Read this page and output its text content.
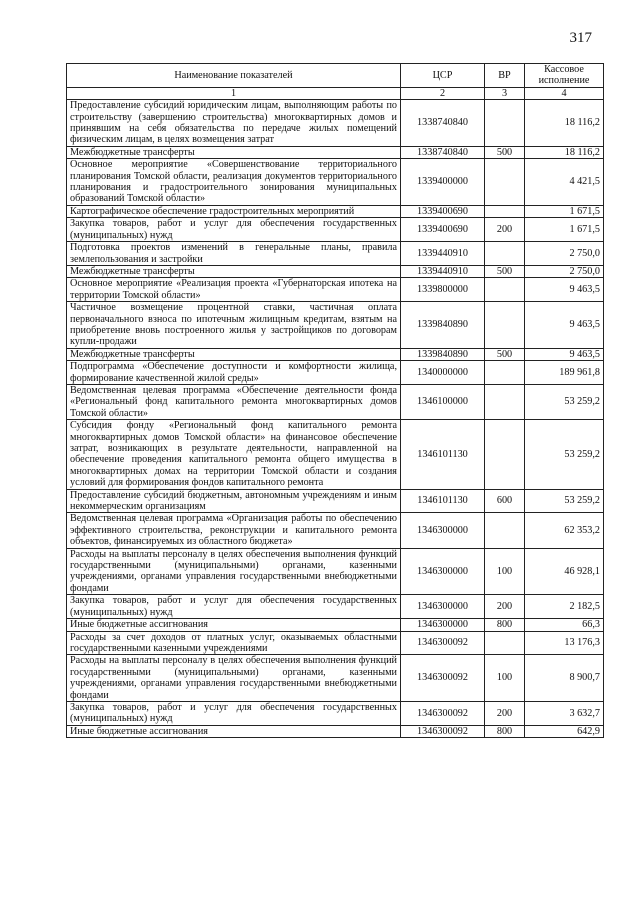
317
Наименование показателей	ЦСР	ВР	Кассовое исполнение
1	2	3	4
Предоставление субсидий юридическим лицам, выполняющим работы по строительству (завершению строительства) многоквартирных домов и принявшим на себя обязательства по передаче жилых помещений физическим лицам, в целях возмещения затрат	1338740840		18 116,2
Межбюджетные трансферты	1338740840	500	18 116,2
Основное мероприятие «Совершенствование территориального планирования Томской области, реализация документов территориального планирования и градостроительного зонирования муниципальных образований Томской области»	1339400000		4 421,5
Картографическое обеспечение градостроительных мероприятий	1339400690		1 671,5
Закупка товаров, работ и услуг для обеспечения государственных (муниципальных) нужд	1339400690	200	1 671,5
Подготовка проектов изменений в генеральные планы, правила землепользования и застройки	1339440910		2 750,0
Межбюджетные трансферты	1339440910	500	2 750,0
Основное мероприятие «Реализация проекта «Губернаторская ипотека на территории Томской области»	1339800000		9 463,5
Частичное возмещение процентной ставки, частичная оплата первоначального взноса по ипотечным жилищным кредитам, взятым на приобретение вновь построенного жилья у застройщиков по договорам купли-продажи	1339840890		9 463,5
Межбюджетные трансферты	1339840890	500	9 463,5
Подпрограмма «Обеспечение доступности и комфортности жилища, формирование качественной жилой среды»	1340000000		189 961,8
Ведомственная целевая программа «Обеспечение деятельности фонда «Региональный фонд капитального ремонта многоквартирных домов Томской области»	1346100000		53 259,2
Субсидия фонду «Региональный фонд капитального ремонта многоквартирных домов Томской области» на финансовое обеспечение затрат, возникающих в результате деятельности, направленной на обеспечение проведения капитального ремонта общего имущества в многоквартирных домах на территории Томской области и создания условий для формирования фондов капитального ремонта	1346101130		53 259,2
Предоставление субсидий бюджетным, автономным учреждениям и иным некоммерческим организациям	1346101130	600	53 259,2
Ведомственная целевая программа «Организация работы по обеспечению эффективного строительства, реконструкции и капитального ремонта объектов, финансируемых из областного бюджета»	1346300000		62 353,2
Расходы на выплаты персоналу в целях обеспечения выполнения функций государственными (муниципальными) органами, казенными учреждениями, органами управления государственными внебюджетными фондами	1346300000	100	46 928,1
Закупка товаров, работ и услуг для обеспечения государственных (муниципальных) нужд	1346300000	200	2 182,5
Иные бюджетные ассигнования	1346300000	800	66,3
Расходы за счет доходов от платных услуг, оказываемых областными государственными казенными учреждениями	1346300092		13 176,3
Расходы на выплаты персоналу в целях обеспечения выполнения функций государственными (муниципальными) органами, казенными учреждениями, органами управления государственными внебюджетными фондами	1346300092	100	8 900,7
Закупка товаров, работ и услуг для обеспечения государственных (муниципальных) нужд	1346300092	200	3 632,7
Иные бюджетные ассигнования	1346300092	800	642,9
